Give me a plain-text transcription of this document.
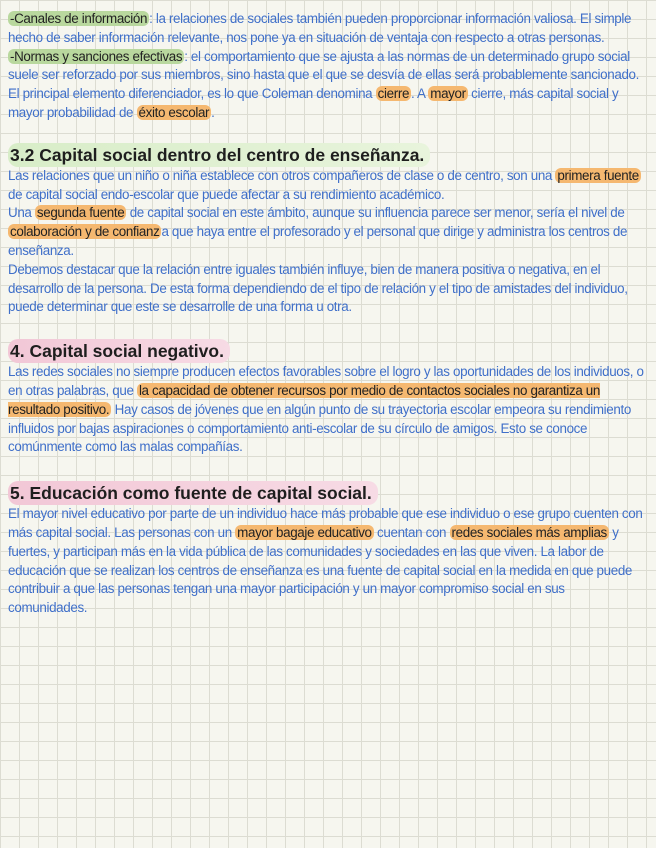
-Canales de información : la relaciones de sociales también pueden proporcionar información valiosa. El simple hecho de saber información relevante, nos pone ya en situación de ventaja con respecto a otras personas.

-Normas y sanciones efectivas : el comportamiento que se ajusta a las normas de un determinado grupo social suele ser reforzado por sus miembros, sino hasta que el que se desvía de ellas será probablemente sancionado.

El principal elemento diferenciador, es lo que Coleman denomina cierre . A mayor cierre, más capital social y mayor probabilidad de éxito escolar .

3.2 Capital social dentro del centro de enseñanza.

Las relaciones que un niño o niña establece con otros compañeros de clase o de centro, son una primera fuente de capital social endo-escolar que puede afectar a su rendimiento académico.

Una segunda fuente de capital social en este ámbito, aunque su influencia parece ser menor, sería el nivel de colaboración y de confianz a que haya entre el profesorado y el personal que dirige y administra los centros de enseñanza.

Debemos destacar que la relación entre iguales también influye, bien de manera positiva o negativa, en el desarrollo de la persona. De esta forma dependiendo de el tipo de relación y el tipo de amistades del individuo, puede determinar que este se desarrolle de una forma u otra.

4. Capital social negativo.

Las redes sociales no siempre producen efectos favorables sobre el logro y las oportunidades de los individuos, o en otras palabras, que la capacidad de obtener recursos por medio de contactos sociales no garantiza un resultado positivo. Hay casos de jóvenes que en algún punto de su trayectoria escolar empeora su rendimiento influidos por bajas aspiraciones o comportamiento anti-escolar de su círculo de amigos. Esto se conoce comúnmente como las malas compañías.

5. Educación como fuente de capital social.

El mayor nivel educativo por parte de un individuo hace más probable que ese individuo o ese grupo cuenten con más capital social. Las personas con un mayor bagaje educativo cuentan con redes sociales más amplias y fuertes, y participan más en la vida pública de las comunidades y sociedades en las que viven. La labor de educación que se realizan los centros de enseñanza es una fuente de capital social en la medida en que puede contribuir a que las personas tengan una mayor participación y un mayor compromiso social en sus comunidades.
